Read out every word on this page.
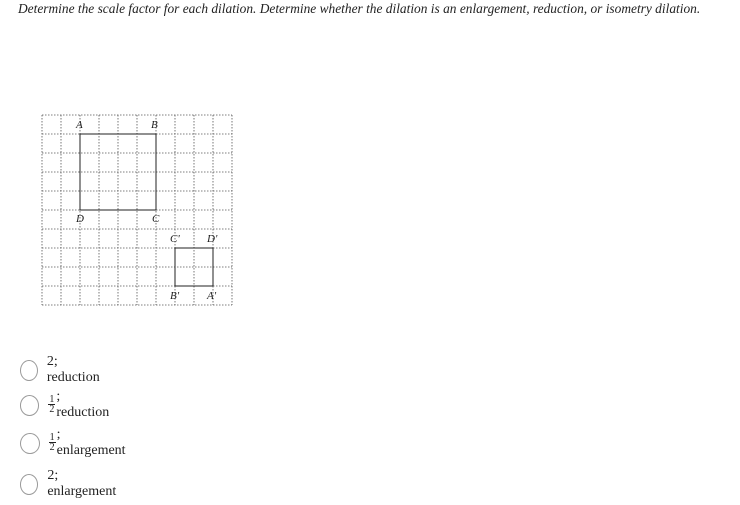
Determine the scale factor for each dilation. Determine whether the dilation is an enlargement, reduction, or isometry dilation.

A	B
D	C
C' D'
B'	A'
2; reduction
$\frac{1}{2}$ ; reduction
$\frac{1}{2}$ ; enlargement
2; enlargement
